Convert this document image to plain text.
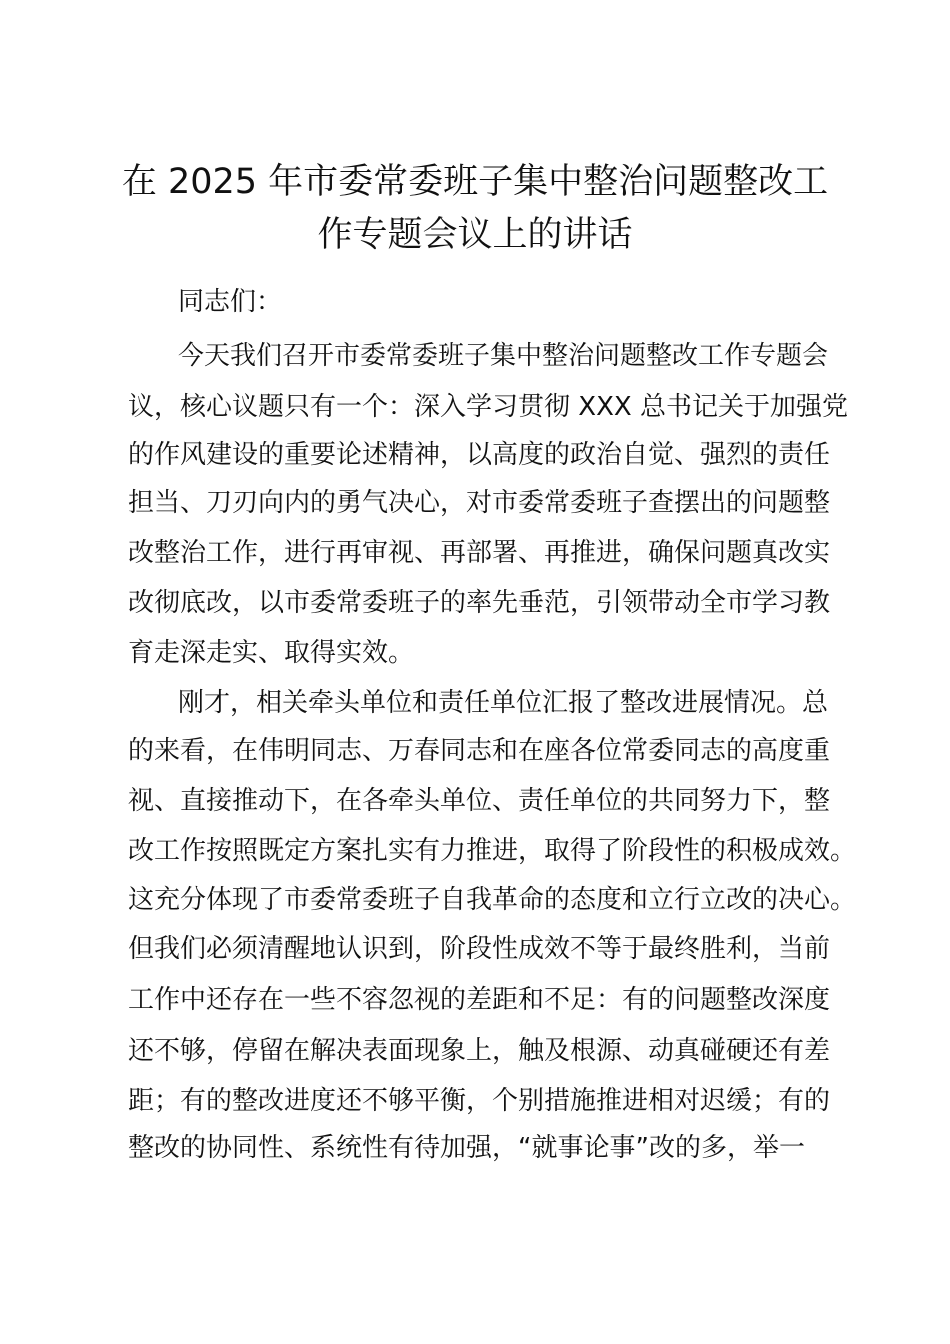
在 2025 年市委常委班子集中整治问题整改工
作专题会议上的讲话

同志们：

今天我们召开市委常委班子集中整治问题整改工作专题会

议，核心议题只有一个：深入学习贯彻 XXX 总书记关于加强党

的作风建设的重要论述精神，以高度的政治自觉、强烈的责任

担当、刀刃向内的勇气决心，对市委常委班子查摆出的问题整

改整治工作，进行再审视、再部署、再推进，确保问题真改实

改彻底改，以市委常委班子的率先垂范，引领带动全市学习教

育走深走实、取得实效。

刚才，相关牵头单位和责任单位汇报了整改进展情况。总

的来看，在伟明同志、万春同志和在座各位常委同志的高度重

视、直接推动下，在各牵头单位、责任单位的共同努力下，整

改工作按照既定方案扎实有力推进，取得了阶段性的积极成效。

这充分体现了市委常委班子自我革命的态度和立行立改的决心。

但我们必须清醒地认识到，阶段性成效不等于最终胜利，当前

工作中还存在一些不容忽视的差距和不足：有的问题整改深度

还不够，停留在解决表面现象上，触及根源、动真碰硬还有差

距；有的整改进度还不够平衡，个别措施推进相对迟缓；有的

整改的协同性、系统性有待加强，“就事论事”改的多，举一
